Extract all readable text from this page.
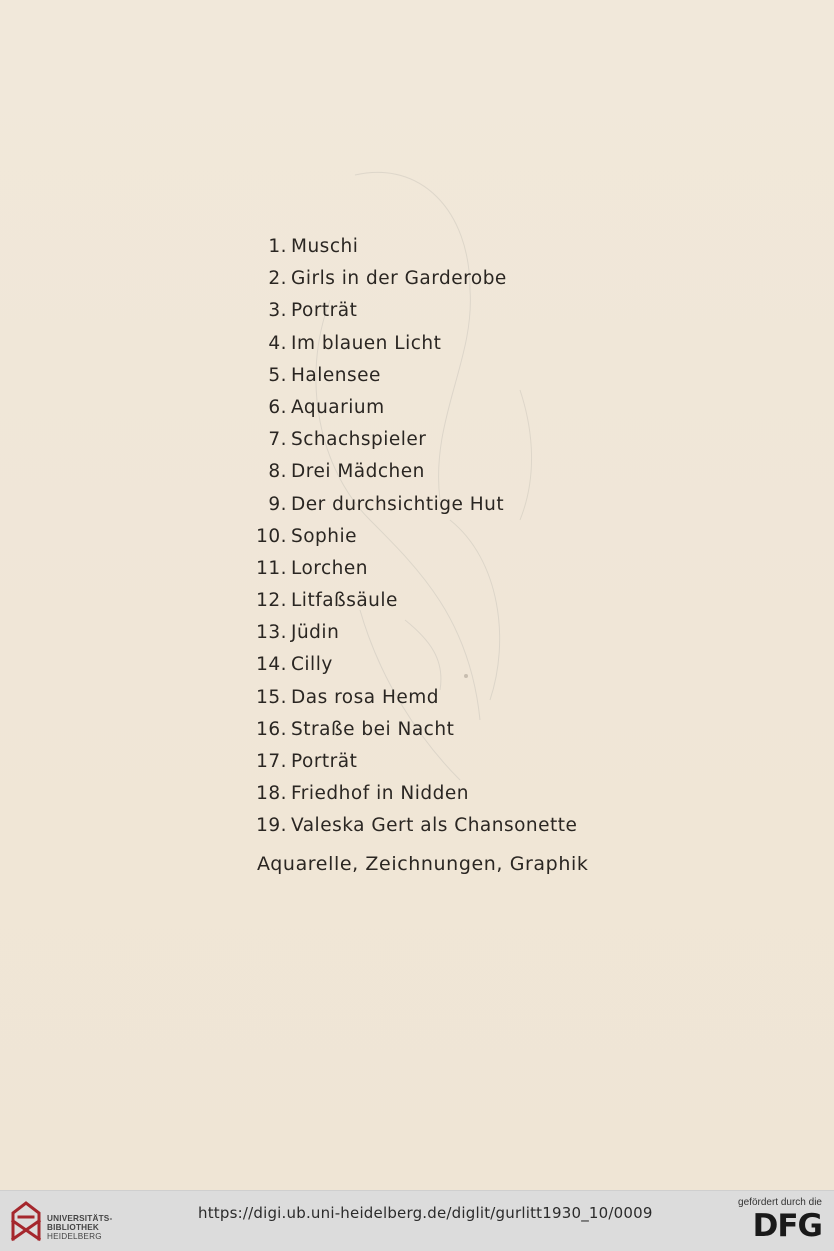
1. Muschi
2. Girls in der Garderobe
3. Porträt
4. Im blauen Licht
5. Halensee
6. Aquarium
7. Schachspieler
8. Drei Mädchen
9. Der durchsichtige Hut
10. Sophie
11. Lorchen
12. Litfaßsäule
13. Jüdin
14. Cilly
15. Das rosa Hemd
16. Straße bei Nacht
17. Porträt
18. Friedhof in Nidden
19. Valeska Gert als Chansonette
Aquarelle, Zeichnungen, Graphik
UNIVERSITÄTS-
BIBLIOTHEK
HEIDELBERG
https://digi.ub.uni-heidelberg.de/diglit/gurlitt1930_10/0009
gefördert durch die
DFG
